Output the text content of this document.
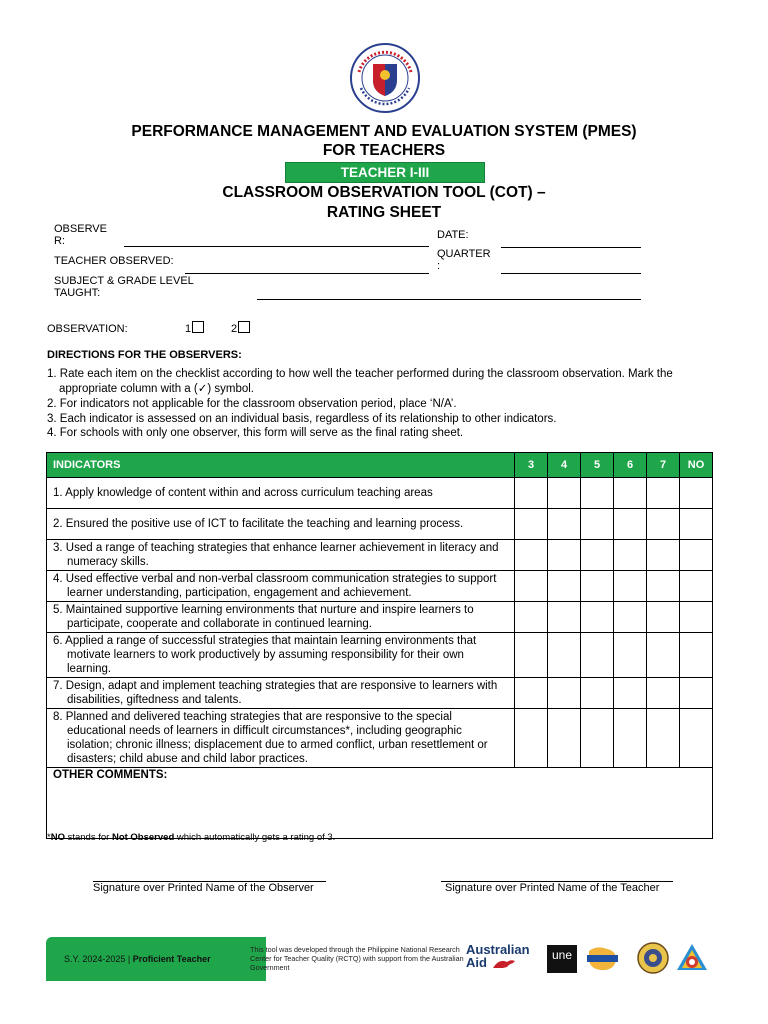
PERFORMANCE MANAGEMENT AND EVALUATION SYSTEM (PMES)
FOR TEACHERS
TEACHER I-III
CLASSROOM OBSERVATION TOOL (COT) –
RATING SHEET
OBSERVE
R:	DATE:
TEACHER OBSERVED:
QUARTER
:
SUBJECT & GRADE LEVEL
TAUGHT:
OBSERVATION:	1	2
DIRECTIONS FOR THE OBSERVERS:
1. Rate each item on the checklist according to how well the teacher performed during the classroom observation. Mark the
appropriate column with a (✓) symbol.
2. For indicators not applicable for the classroom observation period, place ‘N/A’.
3. Each indicator is assessed on an individual basis, regardless of its relationship to other indicators.
4. For schools with only one observer, this form will serve as the final rating sheet.
INDICATORS	3	4	5	6	7	NO

1. Apply knowledge of content within and across curriculum teaching areas						

2. Ensured the positive use of ICT to facilitate the teaching and learning process.						

3. Used a range of teaching strategies that enhance learner achievement in literacy and numeracy skills.						

4. Used effective verbal and non-verbal classroom communication strategies to support learner understanding, participation, engagement and achievement.						

5. Maintained supportive learning environments that nurture and inspire learners to participate, cooperate and collaborate in continued learning.						

6. Applied a range of successful strategies that maintain learning environments that motivate learners to work productively by assuming responsibility for their own learning.						

7. Design, adapt and implement teaching strategies that are responsive to learners with disabilities, giftedness and talents.						

8. Planned and delivered teaching strategies that are responsive to the special educational needs of learners in difficult circumstances*, including geographic isolation; chronic illness; displacement due to armed conflict, urban resettlement or disasters; child abuse and child labor practices.						

OTHER COMMENTS:						
*NO stands for Not Observed which automatically gets a rating of 3.
Signature over Printed Name of the Observer	Signature over Printed Name of the Teacher
S.Y. 2024-2025 | Proficient Teacher
This tool was developed through the Philippine National Research Center for Teacher Quality (RCTQ) with support from the Australian Government
Australian
Aid	une
